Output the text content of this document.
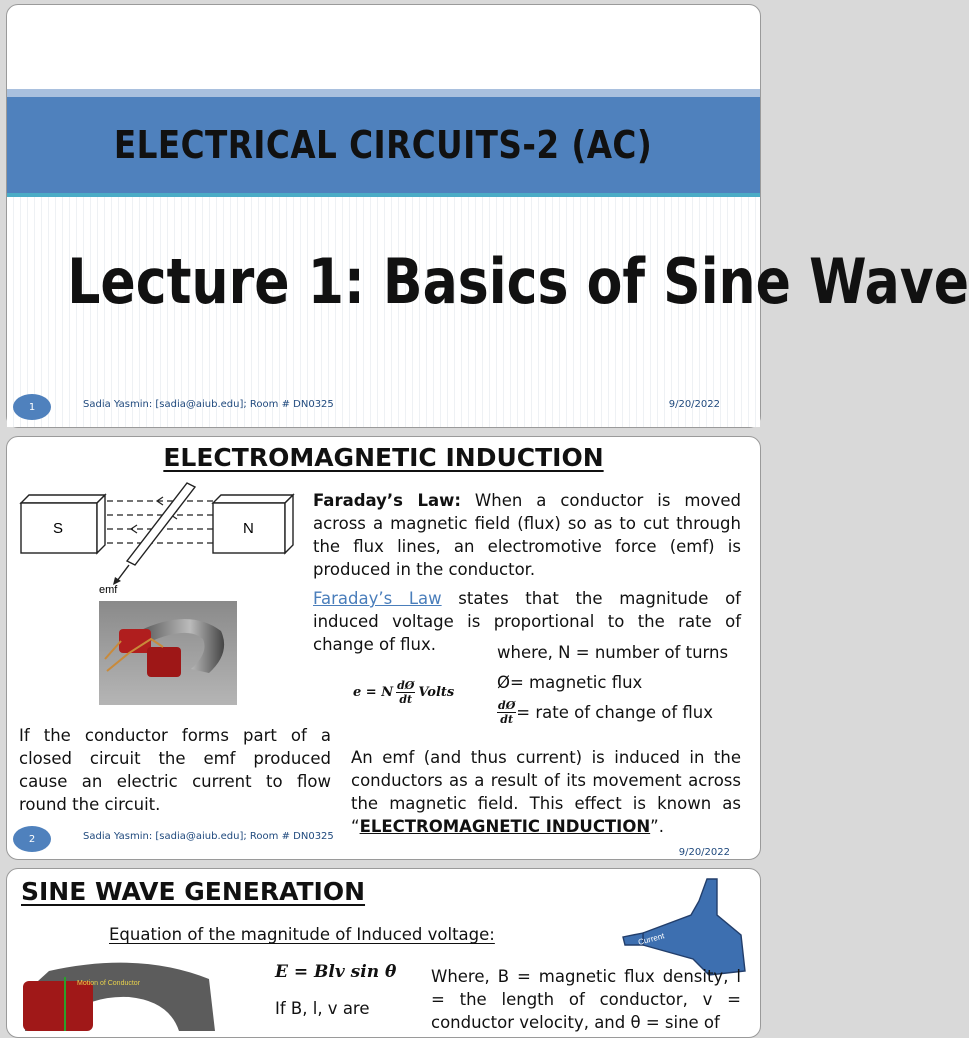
ELECTRICAL CIRCUITS-2 (AC)
Lecture 1: Basics of Sine Wave
1	Sadia Yasmin: [sadia@aiub.edu]; Room # DN0325	9/20/2022
ELECTROMAGNETIC INDUCTION
S	N
emf
Faraday’s Law: When a conductor is moved across a magnetic field (flux) so as to cut through the flux lines, an electromotive force (emf) is produced in the conductor.
Faraday’s Law states that the magnitude of induced voltage is proportional to the rate of change of flux.
e = N $\frac{dØ}{dt}$ Volts
where, N = number of turns
Ø= magnetic flux
$\frac{dØ}{dt}$ = rate of change of flux
If the conductor forms part of a closed circuit the emf produced cause an electric current to flow round the circuit.
An emf (and thus current) is induced in the conductors as a result of its movement across the magnetic field. This effect is known as “ELECTROMAGNETIC INDUCTION”.
2	Sadia Yasmin: [sadia@aiub.edu]; Room # DN0325
9/20/2022
SINE WAVE GENERATION
Equation of the magnitude of Induced voltage:
Motion
Field
Current
Motion of Conductor
E = Blv sin θ
If B, l, v are
Where, B = magnetic flux density, l = the length of conductor, v = conductor velocity, and θ = sine of
